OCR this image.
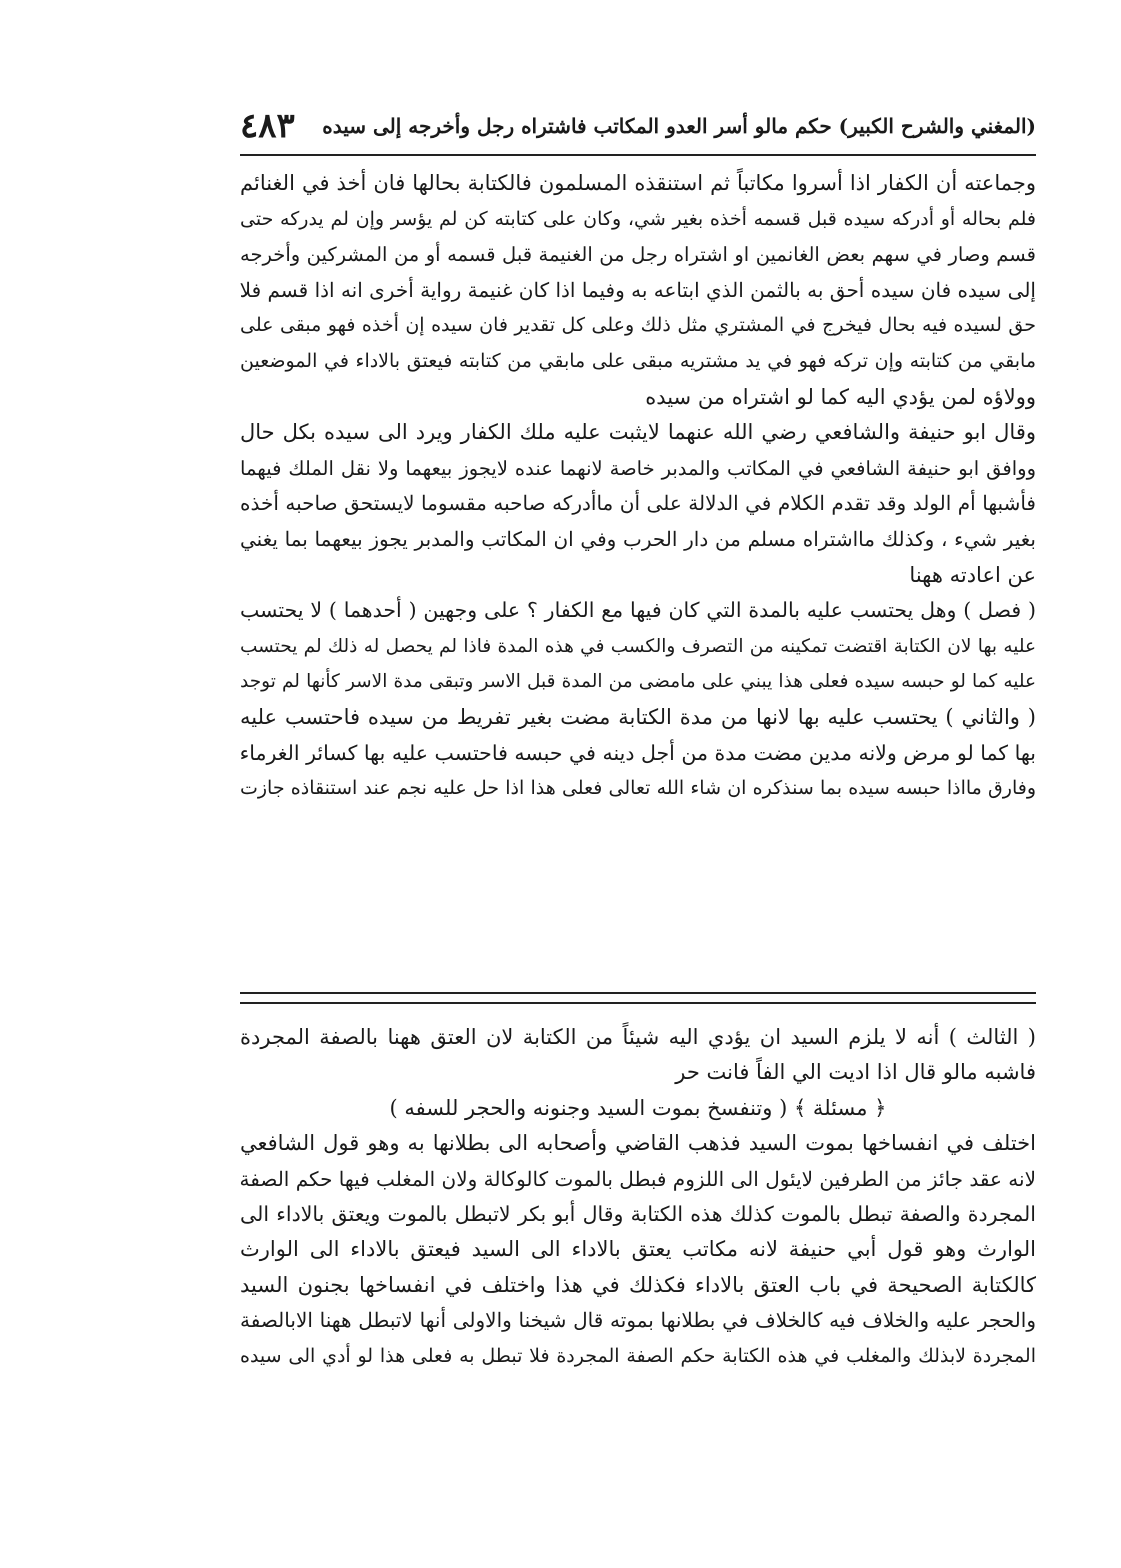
(المغني والشرح الكبير) حكم مالو أسر العدو المكاتب فاشتراه رجل وأخرجه إلى سيده
٤٨٣
وجماعته أن الكفار اذا أسروا مكاتباً ثم استنقذه المسلمون فالكتابة بحالها فان أخذ في الغنائم
فلم بحاله أو أدركه سيده قبل قسمه أخذه بغير شي، وكان على كتابته كن لم يؤسر وإن لم يدركه حتى
قسم وصار في سهم بعض الغانمين او اشتراه رجل من الغنيمة قبل قسمه أو من المشركين وأخرجه
إلى سيده فان سيده أحق به بالثمن الذي ابتاعه به وفيما اذا كان غنيمة رواية أخرى انه اذا قسم فلا
حق لسيده فيه بحال فيخرج في المشتري مثل ذلك وعلى كل تقدير فان سيده إن أخذه فهو مبقى على
مابقي من كتابته وإن تركه فهو في يد مشتريه مبقى على مابقي من كتابته فيعتق بالاداء في الموضعين
وولاؤه لمن يؤدي اليه كما لو اشتراه من سيده
وقال ابو حنيفة والشافعي رضي الله عنهما لايثبت عليه ملك الكفار ويرد الى سيده بكل حال
ووافق ابو حنيفة الشافعي في المكاتب والمدبر خاصة لانهما عنده لايجوز بيعهما ولا نقل الملك فيهما
فأشبها أم الولد وقد تقدم الكلام في الدلالة على أن ماأدركه صاحبه مقسوما لايستحق صاحبه أخذه
بغير شيء ، وكذلك مااشتراه مسلم من دار الحرب وفي ان المكاتب والمدبر يجوز بيعهما بما يغني
عن اعادته ههنا
( فصل ) وهل يحتسب عليه بالمدة التي كان فيها مع الكفار ؟ على وجهين ( أحدهما ) لا يحتسب
عليه بها لان الكتابة اقتضت تمكينه من التصرف والكسب في هذه المدة فاذا لم يحصل له ذلك لم يحتسب
عليه كما لو حبسه سيده فعلى هذا يبني على مامضى من المدة قبل الاسر وتبقى مدة الاسر كأنها لم توجد
( والثاني ) يحتسب عليه بها لانها من مدة الكتابة مضت بغير تفريط من سيده فاحتسب عليه
بها كما لو مرض ولانه مدين مضت مدة من أجل دينه في حبسه فاحتسب عليه بها كسائر الغرماء
وفارق مااذا حبسه سيده بما سنذكره ان شاء الله تعالى فعلى هذا اذا حل عليه نجم عند استنقاذه جازت
( الثالث ) أنه لا يلزم السيد ان يؤدي اليه شيئاً من الكتابة لان العتق ههنا بالصفة المجردة
فاشبه مالو قال اذا اديت الي الفاً فانت حر
﴿ مسئلة ﴾ ( وتنفسخ بموت السيد وجنونه والحجر للسفه )
اختلف في انفساخها بموت السيد فذهب القاضي وأصحابه الى بطلانها به وهو قول الشافعي
لانه عقد جائز من الطرفين لايئول الى اللزوم فبطل بالموت كالوكالة ولان المغلب فيها حكم الصفة
المجردة والصفة تبطل بالموت كذلك هذه الكتابة وقال أبو بكر لاتبطل بالموت ويعتق بالاداء الى
الوارث وهو قول أبي حنيفة لانه مكاتب يعتق بالاداء الى السيد فيعتق بالاداء الى الوارث
كالكتابة الصحيحة في باب العتق بالاداء فكذلك في هذا واختلف في انفساخها بجنون السيد
والحجر عليه والخلاف فيه كالخلاف في بطلانها بموته قال شيخنا والاولى أنها لاتبطل ههنا الابالصفة
المجردة لابذلك والمغلب في هذه الكتابة حكم الصفة المجردة فلا تبطل به فعلى هذا لو أدي الى سيده
